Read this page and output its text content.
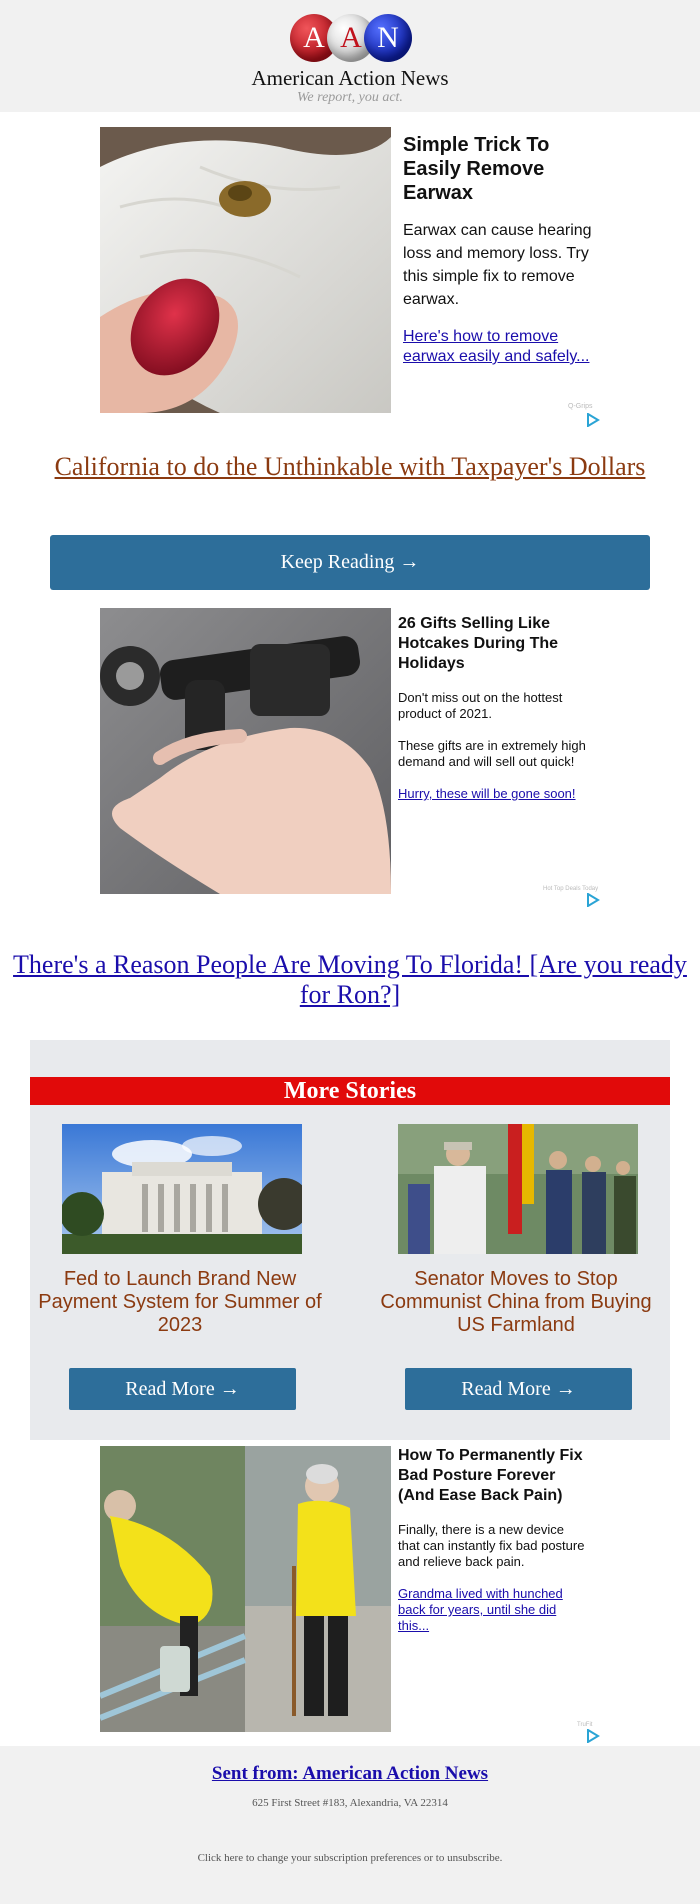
A A N
American Action News
We report, you act.
Simple Trick To Easily Remove Earwax
Earwax can cause hearing loss and memory loss. Try this simple fix to remove earwax.
Here's how to remove earwax easily and safely...
Q-Grips
California to do the Unthinkable with Taxpayer's Dollars
Keep Reading →
26 Gifts Selling Like Hotcakes During The Holidays
Don't miss out on the hottest product of 2021.
These gifts are in extremely high demand and will sell out quick!
Hurry, these will be gone soon!
Hot Top Deals Today
There's a Reason People Are Moving To Florida! [Are you ready for Ron?]
More Stories
Fed to Launch Brand New Payment System for Summer of 2023
Read More →
Senator Moves to Stop Communist China from Buying US Farmland
Read More →
How To Permanently Fix Bad Posture Forever (And Ease Back Pain)
Finally, there is a new device that can instantly fix bad posture and relieve back pain.
Grandma lived with hunched back for years, until she did this...
TruFit
Sent from: American Action News
625 First Street #183, Alexandria, VA 22314
Click here to change your subscription preferences or to unsubscribe.
